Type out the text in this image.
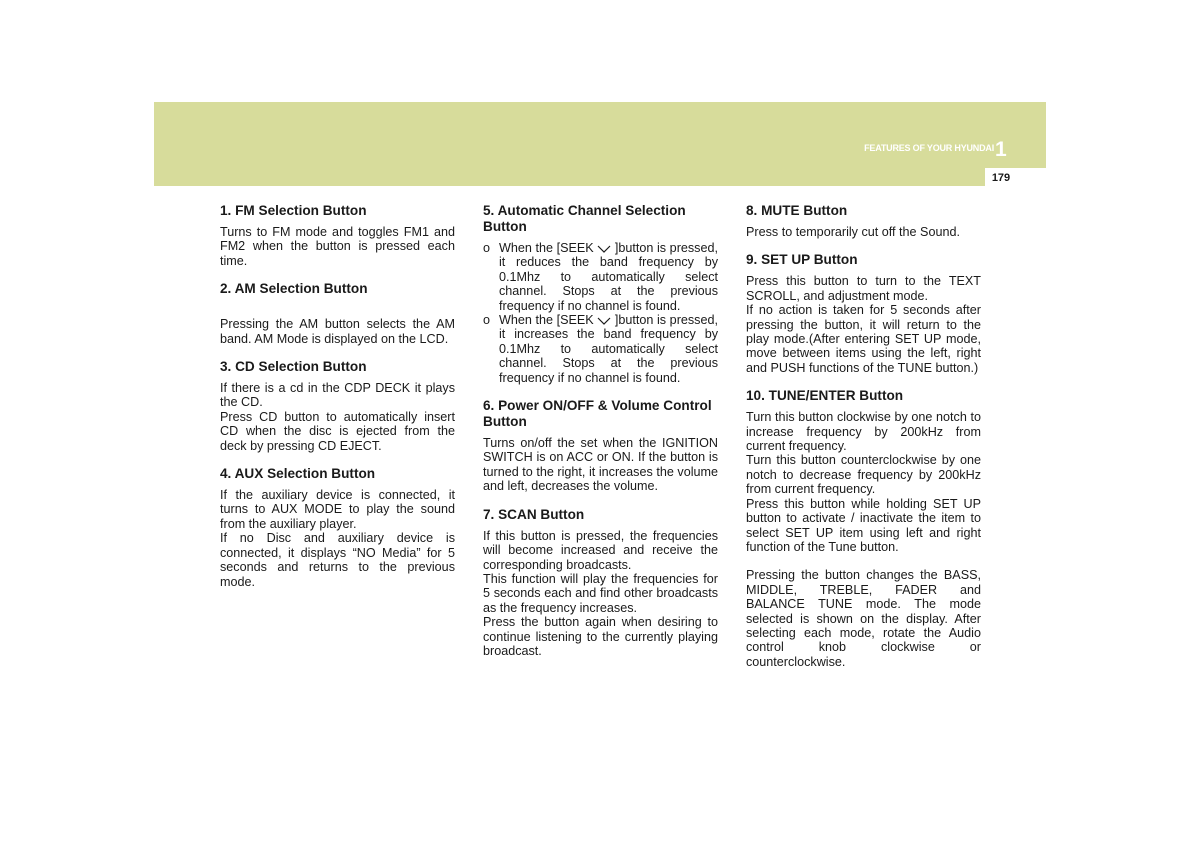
FEATURES OF YOUR HYUNDAI 1
179
1. FM Selection Button

Turns to FM mode and toggles FM1 and FM2 when the button is pressed each time.

2. AM Selection Button

Pressing the AM button selects the AM band. AM Mode is displayed on the LCD.

3. CD Selection Button

If there is a cd in the CDP DECK it plays the CD.

Press CD button to automatically insert CD when the disc is ejected from the deck by pressing CD EJECT.

4. AUX Selection Button

If the auxiliary device is connected, it turns to AUX MODE to play the sound from the auxiliary player.

If no Disc and auxiliary device is connected, it displays “NO Media” for 5 seconds and returns to the previous mode.

5. Automatic Channel Selection Button

o When the [SEEK ]button is pressed, it reduces the band frequency by 0.1Mhz to automatically select channel. Stops at the previous frequency if no channel is found.

o When the [SEEK ]button is pressed, it increases the band frequency by 0.1Mhz to automatically select channel. Stops at the previous frequency if no channel is found.

6. Power ON/OFF & Volume Control Button

Turns on/off the set when the IGNITION SWITCH is on ACC or ON. If the button is turned to the right, it increases the volume and left, decreases the volume.

7. SCAN Button

If this button is pressed, the frequencies will become increased and receive the corresponding broadcasts.

This function will play the frequencies for 5 seconds each and find other broadcasts as the frequency increases.

Press the button again when desiring to continue listening to the currently playing broadcast.

8. MUTE Button

Press to temporarily cut off the Sound.

9. SET UP Button

Press this button to turn to the TEXT SCROLL, and adjustment mode.

If no action is taken for 5 seconds after pressing the button, it will return to the play mode.(After entering SET UP mode, move between items using the left, right and PUSH functions of the TUNE button.)

10. TUNE/ENTER Button

Turn this button clockwise by one notch to increase frequency by 200kHz from current frequency.

Turn this button counterclockwise by one notch to decrease frequency by 200kHz from current frequency.

Press this button while holding SET UP button to activate / inactivate the item to select SET UP item using left and right function of the Tune button.

Pressing the button changes the BASS, MIDDLE, TREBLE, FADER and BALANCE TUNE mode. The mode selected is shown on the display. After selecting each mode, rotate the Audio control knob clockwise or counterclockwise.
